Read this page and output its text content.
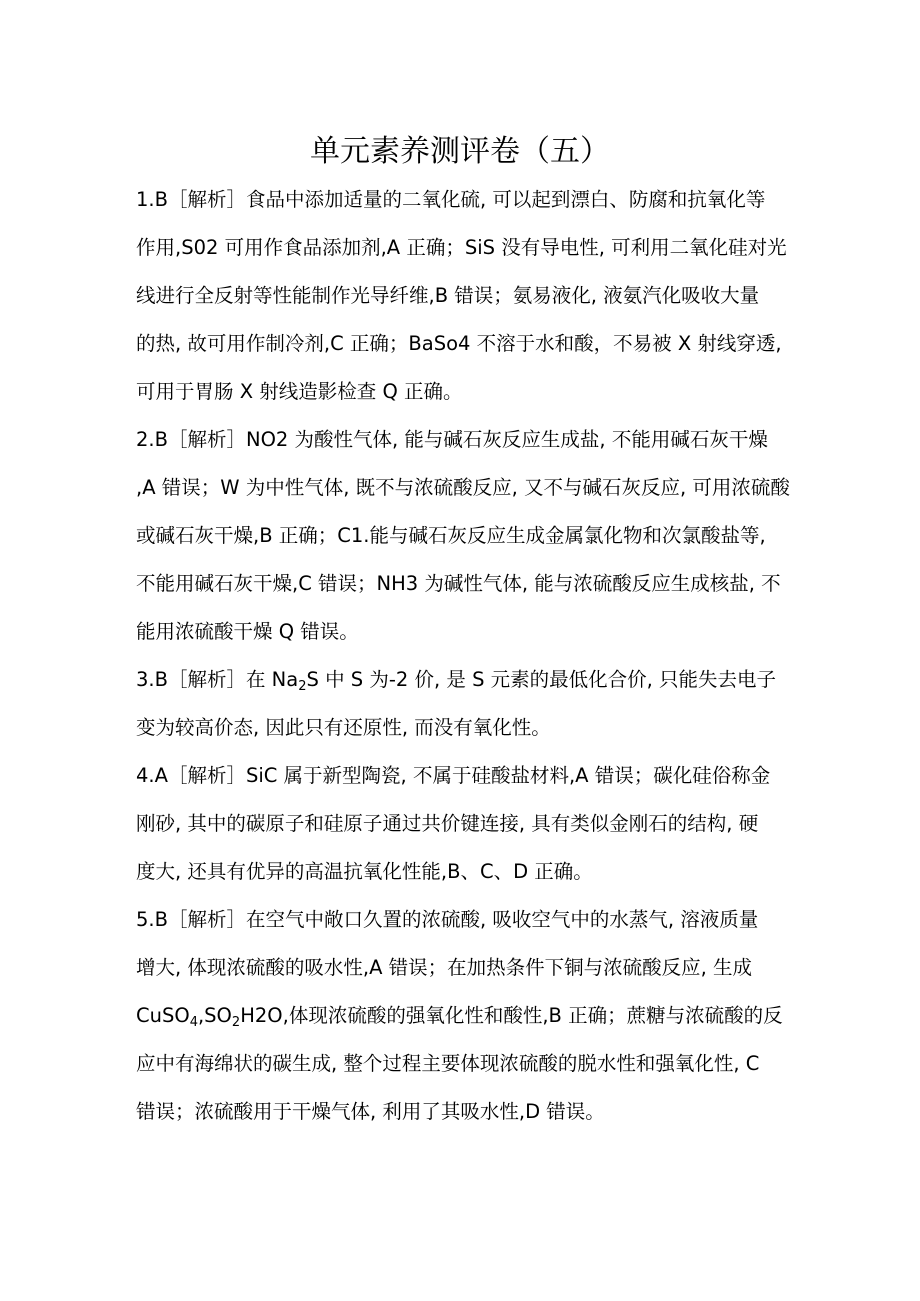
单元素养测评卷（五）
1.B［解析］食品中添加适量的二氧化硫, 可以起到漂白、防腐和抗氧化等
作用,S02 可用作食品添加剂,A 正确；SiS 没有导电性, 可利用二氧化硅对光
线进行全反射等性能制作光导纤维,B 错误；氨易液化, 液氨汽化吸收大量
的热, 故可用作制冷剂,C 正确；BaSo4 不溶于水和酸，不易被 X 射线穿透,
可用于胃肠 X 射线造影检查 Q 正确。
2.B［解析］NO2 为酸性气体, 能与碱石灰反应生成盐, 不能用碱石灰干燥
,A 错误；W 为中性气体, 既不与浓硫酸反应, 又不与碱石灰反应, 可用浓硫酸
或碱石灰干燥,B 正确；C1.能与碱石灰反应生成金属氯化物和次氯酸盐等,
不能用碱石灰干燥,C 错误；NH3 为碱性气体, 能与浓硫酸反应生成核盐, 不
能用浓硫酸干燥 Q 错误。
3.B［解析］在 $Na_2S$ 中 S 为-2 价, 是 S 元素的最低化合价, 只能失去电子
变为较高价态, 因此只有还原性, 而没有氧化性。
4.A［解析］SiC 属于新型陶瓷, 不属于硅酸盐材料,A 错误；碳化硅俗称金
刚砂, 其中的碳原子和硅原子通过共价键连接, 具有类似金刚石的结构, 硬
度大, 还具有优异的高温抗氧化性能,B、C、D 正确。
5.B［解析］在空气中敞口久置的浓硫酸, 吸收空气中的水蒸气, 溶液质量
增大, 体现浓硫酸的吸水性,A 错误；在加热条件下铜与浓硫酸反应, 生成
$CuSO_4,SO_2H2O$,体现浓硫酸的强氧化性和酸性,B 正确；蔗糖与浓硫酸的反
应中有海绵状的碳生成, 整个过程主要体现浓硫酸的脱水性和强氧化性, C
错误；浓硫酸用于干燥气体, 利用了其吸水性,D 错误。
